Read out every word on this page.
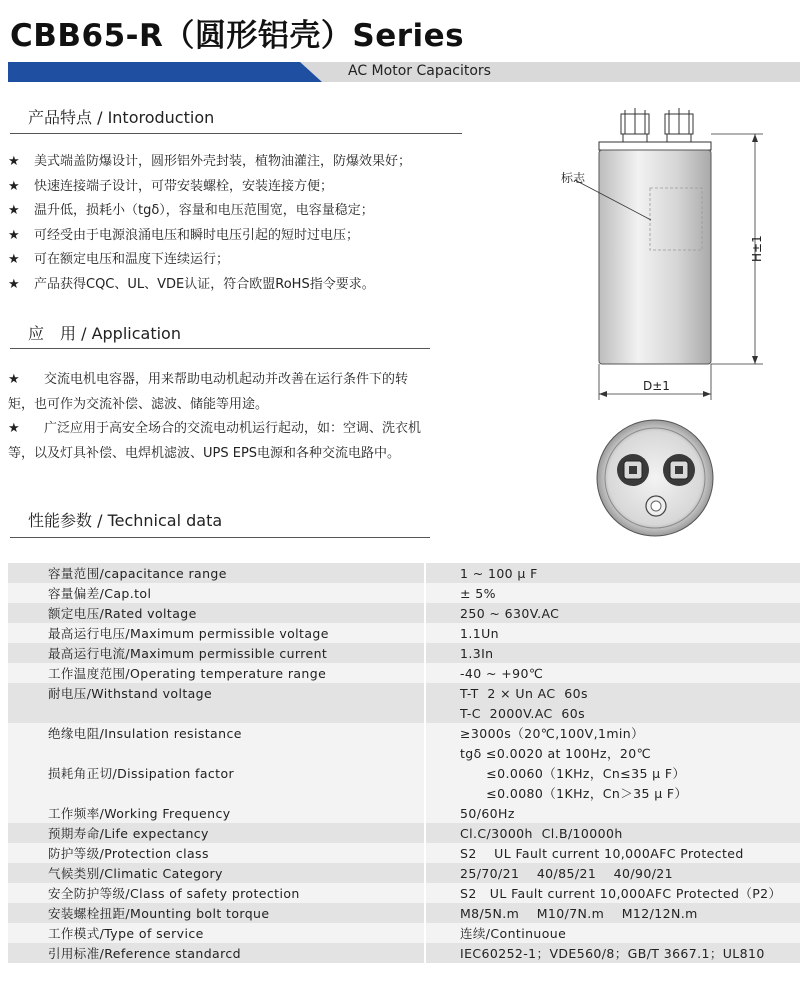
CBB65-R（圆形铝壳）Series
AC Motor Capacitors
产品特点 / Intoroduction
★ 美式端盖防爆设计，圆形铝外壳封装，植物油灌注，防爆效果好；
★ 快速连接端子设计，可带安装螺栓，安装连接方便；
★ 温升低，损耗小（tgδ），容量和电压范围宽，电容量稳定；
★ 可经受由于电源浪涌电压和瞬时电压引起的短时过电压；
★ 可在额定电压和温度下连续运行；
★ 产品获得CQC、UL、VDE认证，符合欧盟RoHS指令要求。
应　用 / Application
★ 交流电机电容器，用来帮助电动机起动并改善在运行条件下的转矩，也可作为交流补偿、滤波、储能等用途。
★ 广泛应用于高安全场合的交流电动机运行起动，如：空调、洗衣机等，以及灯具补偿、电焊机滤波、UPS EPS电源和各种交流电路中。
性能参数 / Technical data
标志
H±1
D±1
容量范围/capacitance range	1 ~ 100 μ F
容量偏差/Cap.tol	± 5%
额定电压/Rated voltage	250 ~ 630V.AC
最高运行电压/Maximum permissible voltage	1.1Un
最高运行电流/Maximum permissible current	1.3In
工作温度范围/Operating temperature range	-40 ~ +90℃
耐电压/Withstand voltage	T-T  2 × Un AC  60s
	T-C  2000V.AC  60s
绝缘电阻/Insulation resistance	≥3000s（20℃,100V,1min）
	tgδ ≤0.0020 at 100Hz，20℃
损耗角正切/Dissipation factor	≤0.0060（1KHz，Cn≤35 μ F）
	≤0.0080（1KHz，Cn＞35 μ F）
工作频率/Working Frequency	50/60Hz
预期寿命/Life expectancy	Cl.C/3000h  Cl.B/10000h
防护等级/Protection class	S2    UL Fault current 10,000AFC Protected
气候类别/Climatic Category	25/70/21    40/85/21    40/90/21
安全防护等级/Class of safety protection	S2   UL Fault current 10,000AFC Protected（P2）
安装螺栓扭距/Mounting bolt torque	M8/5N.m    M10/7N.m    M12/12N.m
工作模式/Type of service	连续/Continuoue
引用标准/Reference standarcd	IEC60252-1；VDE560/8；GB/T 3667.1；UL810
